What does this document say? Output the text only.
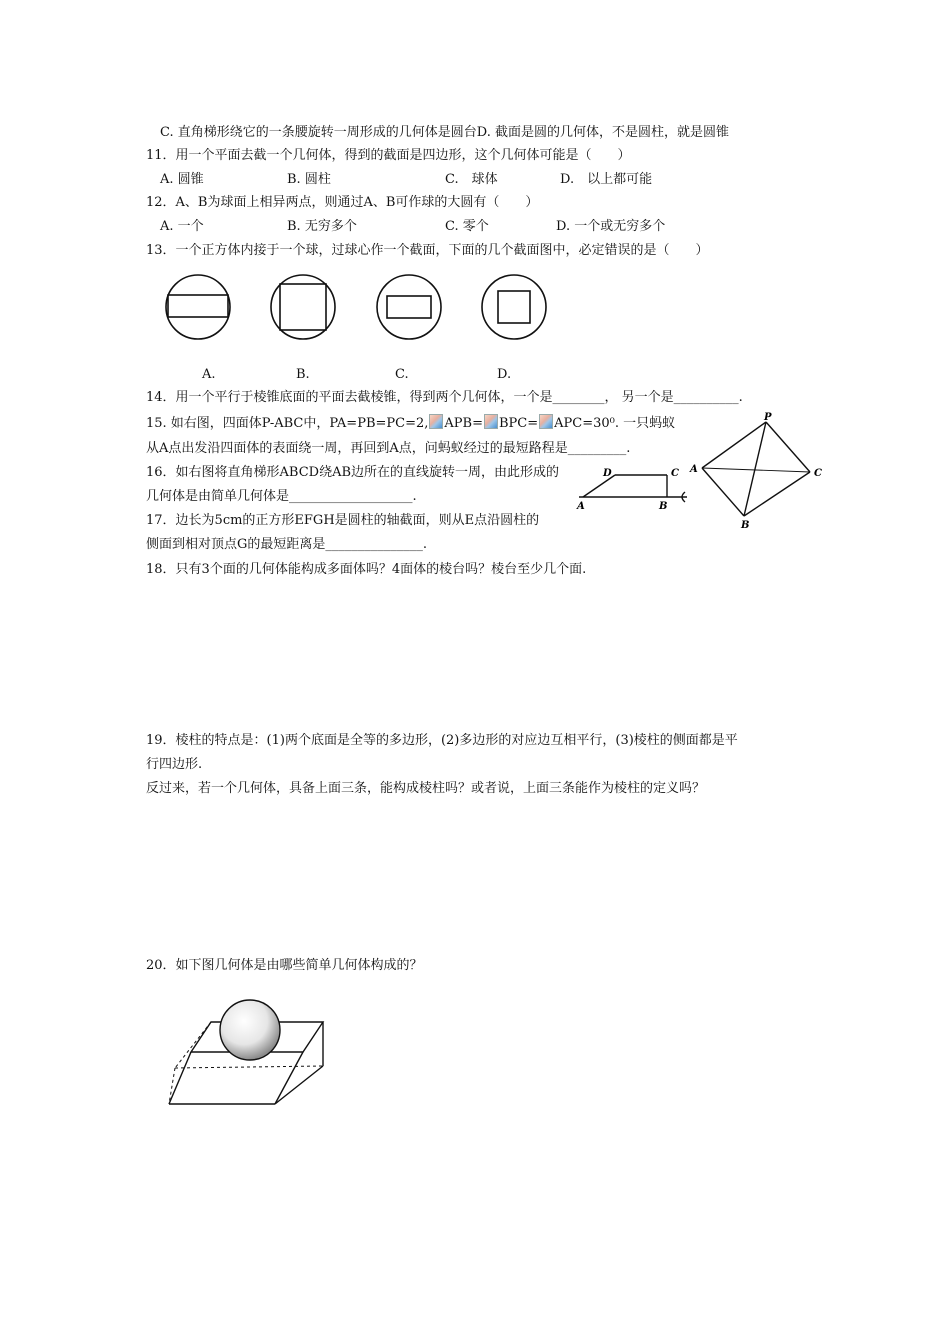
C. 直角梯形绕它的一条腰旋转一周形成的几何体是圆台D. 截面是圆的几何体，不是圆柱，就是圆锥
11．用一个平面去截一个几何体，得到的截面是四边形，这个几何体可能是（　　）
A. 圆锥	B. 圆柱	C.　球体	D.　以上都可能
12．A、B为球面上相异两点，则通过A、B可作球的大圆有（　　）
A. 一个	B. 无穷多个	C. 零个	D. 一个或无穷多个
13．一个正方体内接于一个球，过球心作一个截面，下面的几个截面图中，必定错误的是（　　）
A.	B.	C.	D.
14．用一个平行于棱锥底面的平面去截棱锥，得到两个几何体，一个是________， 另一个是__________.
15. 如右图，四面体P-ABC中，PA=PB=PC=2, APB= BPC= APC=30⁰. 一只蚂蚁
从A点出发沿四面体的表面绕一周，再回到A点，问蚂蚁经过的最短路程是_________.
16．如右图将直角梯形ABCD绕AB边所在的直线旋转一周，由此形成的
几何体是由简单几何体是___________________.
D	C
A	B
P
A	C
B
17．边长为5cm的正方形EFGH是圆柱的轴截面，则从E点沿圆柱的
侧面到相对顶点G的最短距离是_______________.
18．只有3个面的几何体能构成多面体吗？4面体的棱台吗？棱台至少几个面.
19．棱柱的特点是：(1)两个底面是全等的多边形，(2)多边形的对应边互相平行，(3)棱柱的侧面都是平
行四边形.
反过来，若一个几何体，具备上面三条，能构成棱柱吗？或者说，上面三条能作为棱柱的定义吗？
20．如下图几何体是由哪些简单几何体构成的？
